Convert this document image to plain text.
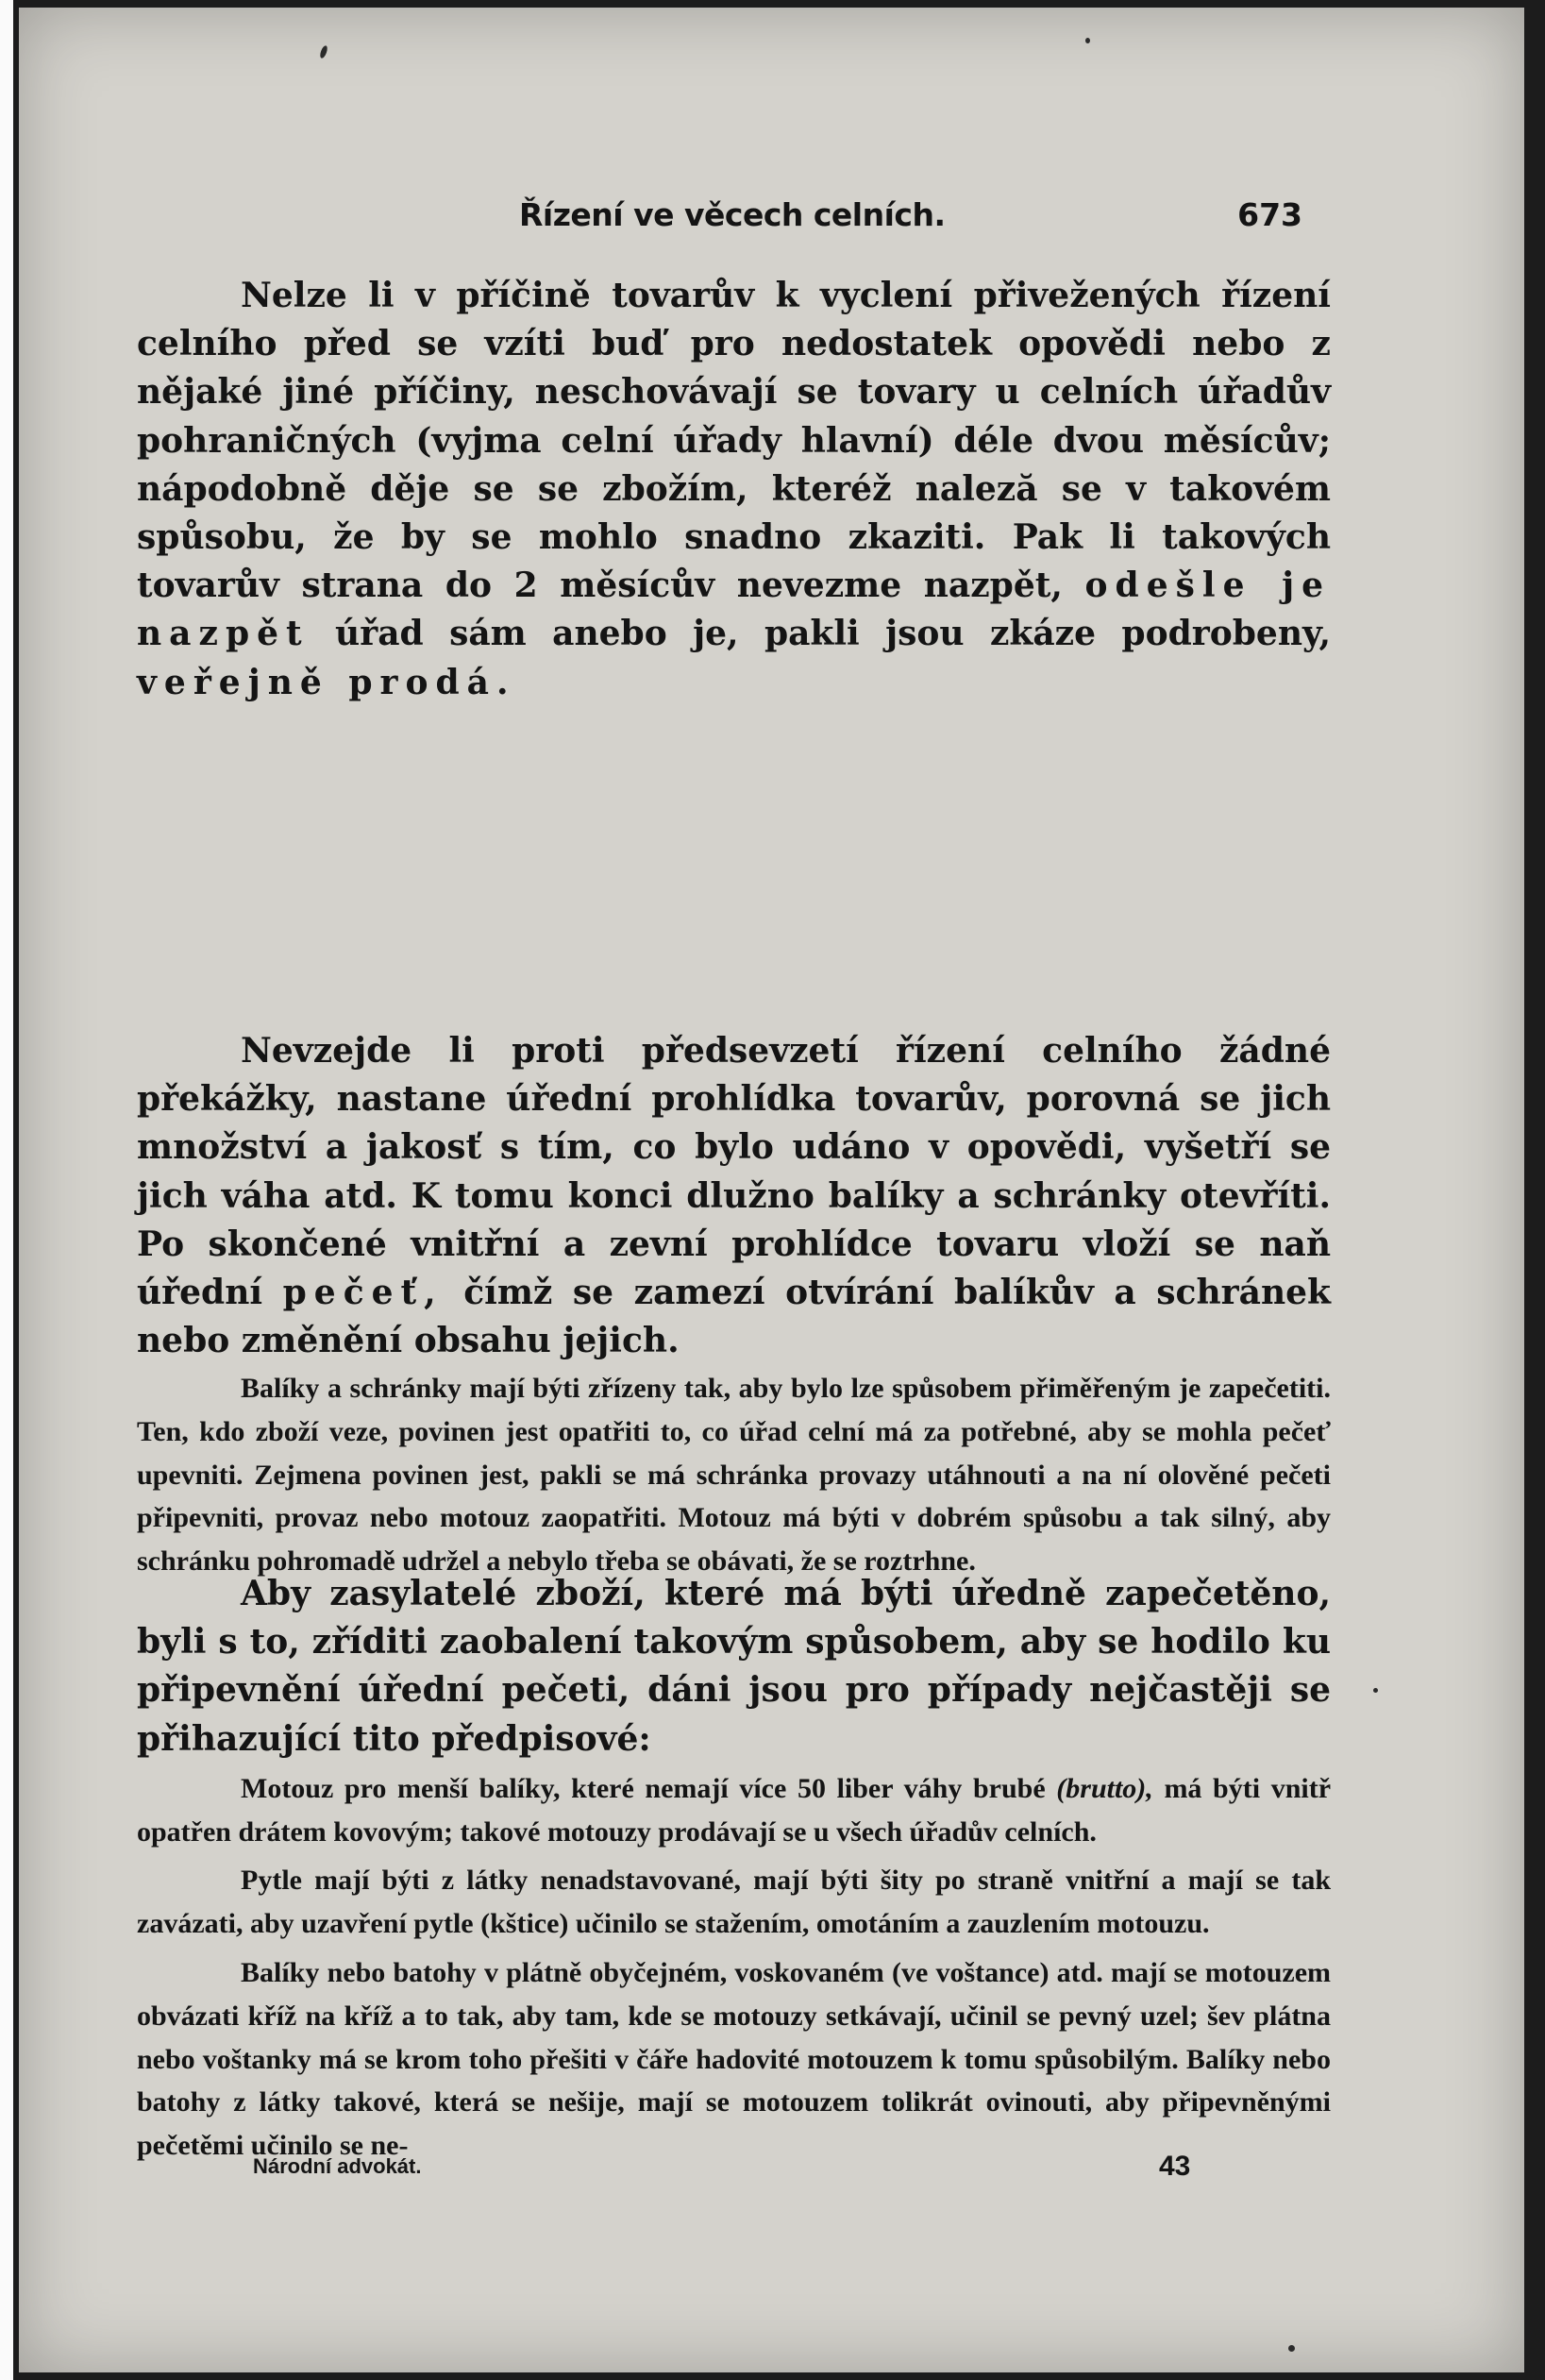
Řízení ve věcech celních.	673

Nelze li v příčině tovarův k vyclení přivežených řízení celního před se vzíti buď pro nedostatek opovědi nebo z nějaké jiné příčiny, neschovávají se tovary u celních úřadův pohraničných (vyjma celní úřady hlavní) déle dvou měsícův; nápodobně děje se se zbožím, kteréž naleză se v takovém spůsobu, že by se mohlo snadno zkaziti. Pak li takových tovarův strana do 2 měsícův nevezme nazpět, odešle je nazpět úřad sám anebo je, pakli jsou zkáze podrobeny, veřejně prodá.

Nevzejde li proti předsevzetí řízení celního žádné překážky, nastane úřední prohlídka tovarův, porovná se jich množství a jakosť s tím, co bylo udáno v opovědi, vyšetří se jich váha atd. K tomu konci dlužno balíky a schránky otevříti. Po skončené vnitřní a zevní prohlídce tovaru vloží se naň úřední pečeť, čímž se zamezí otvírání balíkův a schránek nebo změnění obsahu jejich.

Balíky a schránky mají býti zřízeny tak, aby bylo lze spůsobem přiměřeným je zapečetiti. Ten, kdo zboží veze, povinen jest opatřiti to, co úřad celní má za potřebné, aby se mohla pečeť upevniti. Zejmena povinen jest, pakli se má schránka provazy utáhnouti a na ní olověné pečeti připevniti, provaz nebo motouz zaopatřiti. Motouz má býti v dobrém spůsobu a tak silný, aby schránku pohromadě udržel a nebylo třeba se obávati, že se roztrhne.

Aby zasylatelé zboží, které má býti úředně zapečetěno, byli s to, zříditi zaobalení takovým spůsobem, aby se hodilo ku připevnění úřední pečeti, dáni jsou pro případy nejčastěji se přihazující tito předpisové:

Motouz pro menší balíky, které nemají více 50 liber váhy brubé (brutto), má býti vnitř opatřen drátem kovovým; takové motouzy prodávají se u všech úřadův celních.

Pytle mají býti z látky nenadstavované, mají býti šity po straně vnitřní a mají se tak zavázati, aby uzavření pytle (kštice) učinilo se stažením, omotáním a zauzlením motouzu.

Balíky nebo batohy v plátně obyčejném, voskovaném (ve voštance) atd. mají se motouzem obvázati kříž na kříž a to tak, aby tam, kde se motouzy setkávají, učinil se pevný uzel; šev plátna nebo voštanky má se krom toho přešiti v čáře hadovité motouzem k tomu spůsobilým. Balíky nebo batohy z látky takové, která se nešije, mají se motouzem tolikrát ovinouti, aby připevněnými pečetěmi učinilo se ne-

Národní advokát.	43
